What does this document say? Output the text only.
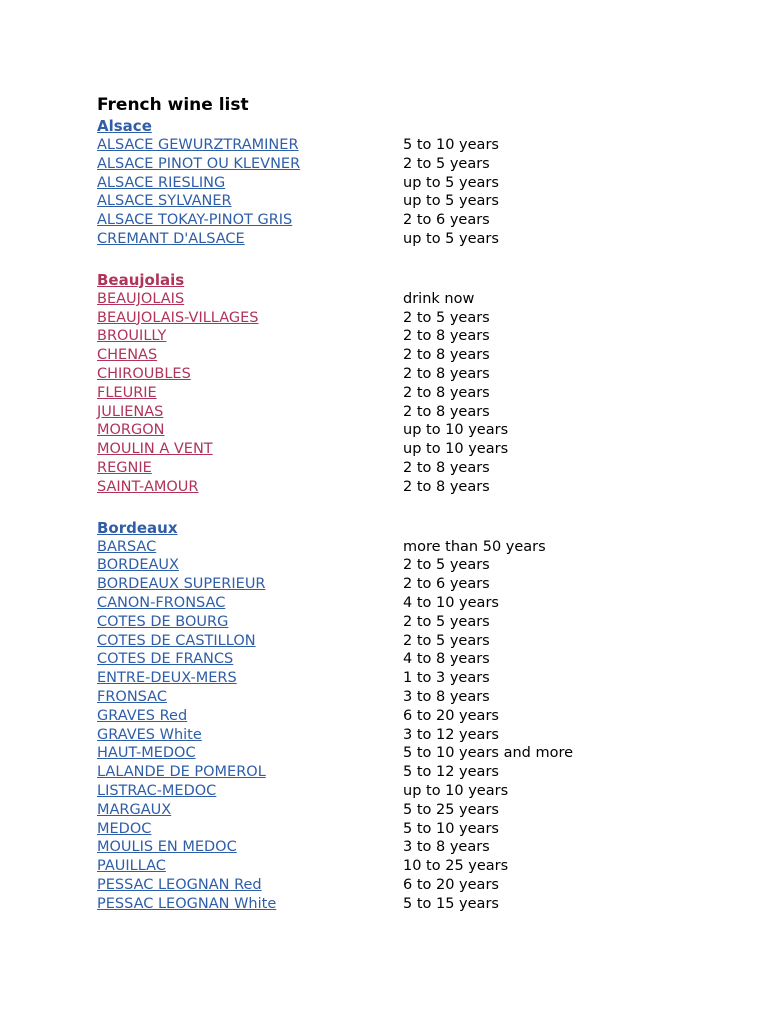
French wine list
Alsace
ALSACE GEWURZTRAMINER	5 to 10 years
ALSACE PINOT OU KLEVNER	2 to 5 years
ALSACE RIESLING	up to 5 years
ALSACE SYLVANER	up to 5 years
ALSACE TOKAY-PINOT GRIS	2 to 6 years
CREMANT D'ALSACE	up to 5 years
Beaujolais
BEAUJOLAIS	drink now
BEAUJOLAIS-VILLAGES	2 to 5 years
BROUILLY	2 to 8 years
CHENAS	2 to 8 years
CHIROUBLES	2 to 8 years
FLEURIE	2 to 8 years
JULIENAS	2 to 8 years
MORGON	up to 10 years
MOULIN A VENT	up to 10 years
REGNIE	2 to 8 years
SAINT-AMOUR	2 to 8 years
Bordeaux
BARSAC	more than 50 years
BORDEAUX	2 to 5 years
BORDEAUX SUPERIEUR	2 to 6 years
CANON-FRONSAC	4 to 10 years
COTES DE BOURG	2 to 5 years
COTES DE CASTILLON	2 to 5 years
COTES DE FRANCS	4 to 8 years
ENTRE-DEUX-MERS	1 to 3 years
FRONSAC	3 to 8 years
GRAVES Red	6 to 20 years
GRAVES White	3 to 12 years
HAUT-MEDOC	5 to 10 years and more
LALANDE DE POMEROL	5 to 12 years
LISTRAC-MEDOC	up to 10 years
MARGAUX	5 to 25 years
MEDOC	5 to 10 years
MOULIS EN MEDOC	3 to 8 years
PAUILLAC	10 to 25 years
PESSAC LEOGNAN Red	6 to 20 years
PESSAC LEOGNAN White	5 to 15 years
